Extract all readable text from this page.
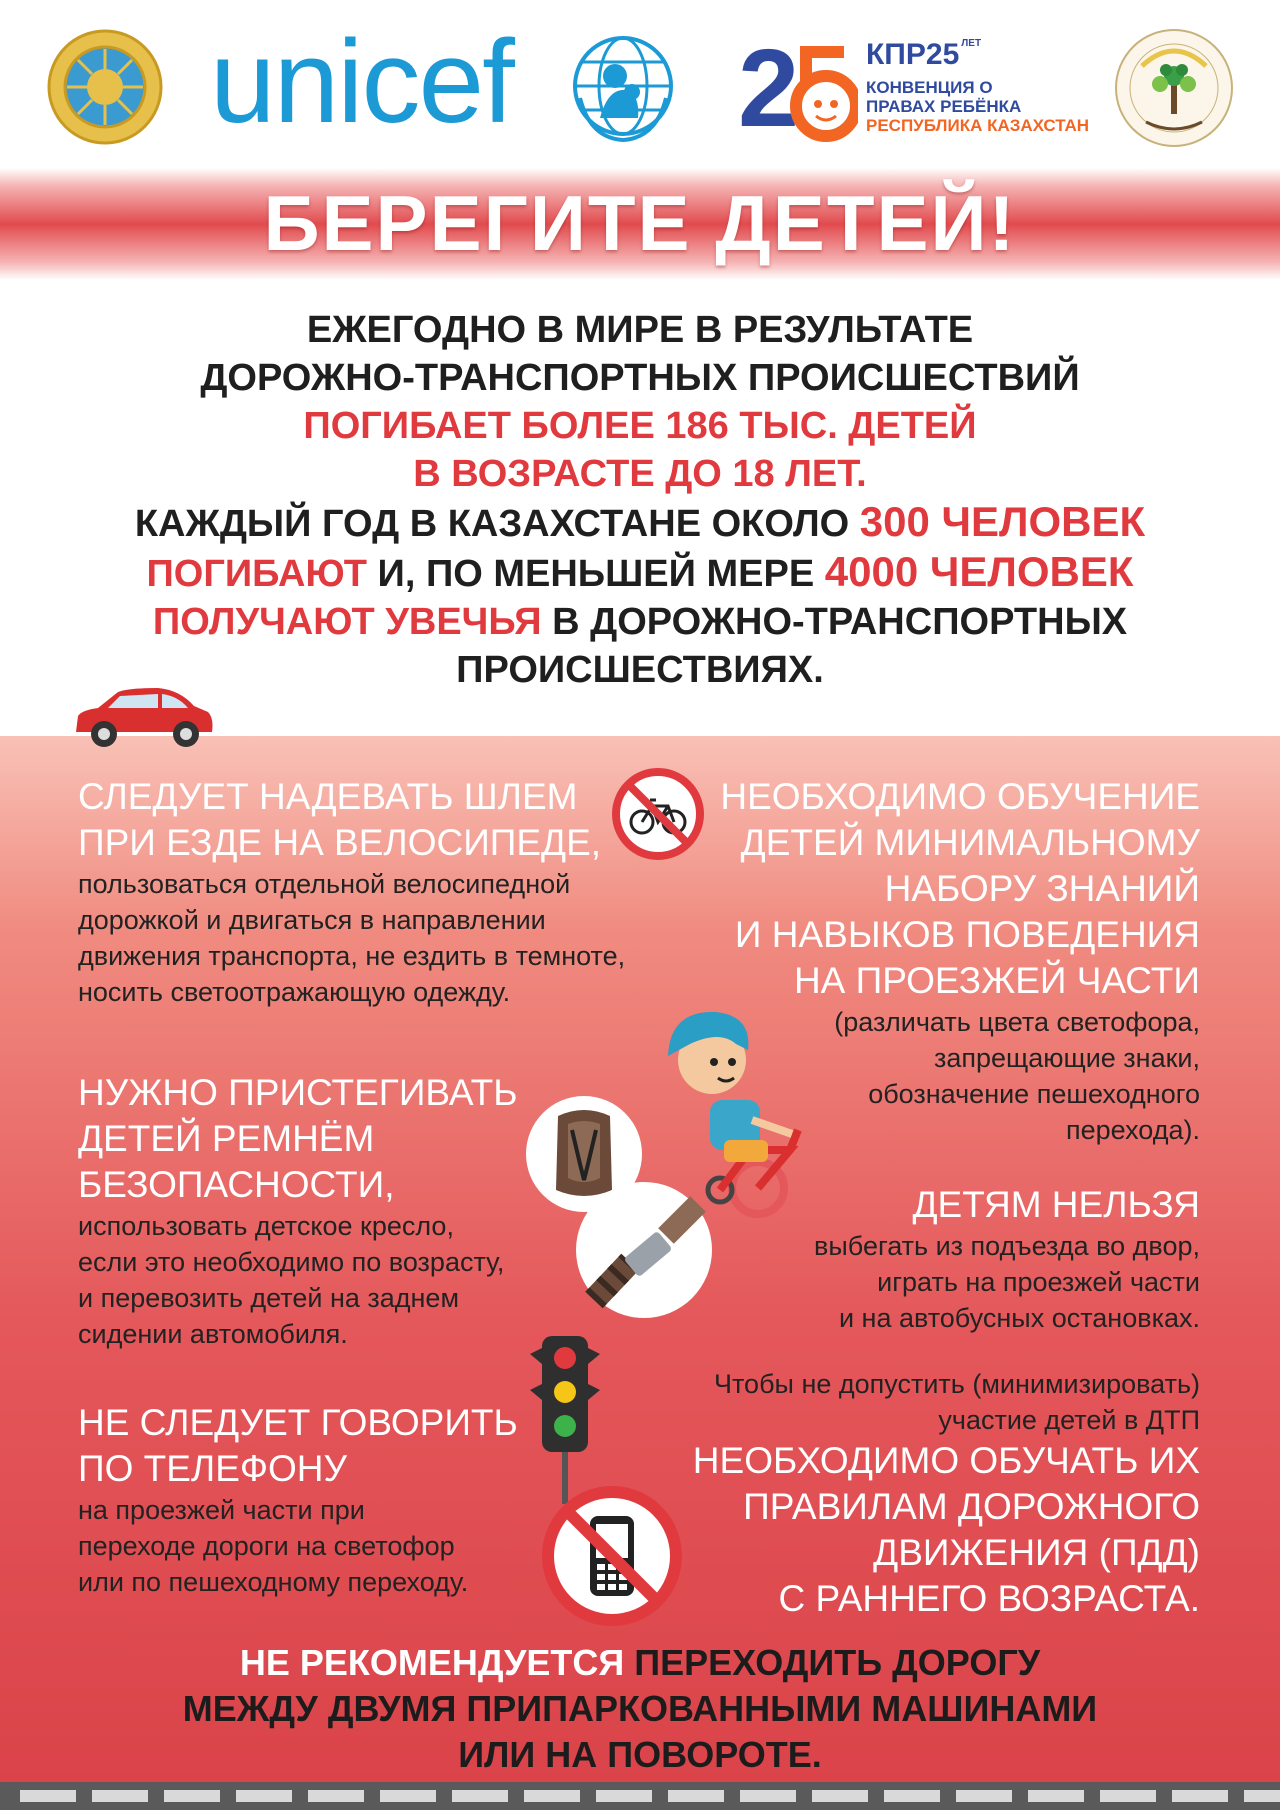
unicef 2 КПР25 $^{ЛЕТ}$
КОНВЕНЦИЯ О
ПРАВАХ РЕБЁНКА
РЕСПУБЛИКА КАЗАХСТАН
БЕРЕГИТЕ ДЕТЕЙ!
ЕЖЕГОДНО В МИРЕ В РЕЗУЛЬТАТЕ
ДОРОЖНО-ТРАНСПОРТНЫХ ПРОИСШЕСТВИЙ
ПОГИБАЕТ БОЛЕЕ 186 ТЫС. ДЕТЕЙ
В ВОЗРАСТЕ ДО 18 ЛЕТ.
КАЖДЫЙ ГОД В КАЗАХСТАНЕ ОКОЛО 300 ЧЕЛОВЕК
ПОГИБАЮТ И, ПО МЕНЬШЕЙ МЕРЕ 4000 ЧЕЛОВЕК
ПОЛУЧАЮТ УВЕЧЬЯ В ДОРОЖНО-ТРАНСПОРТНЫХ
ПРОИСШЕСТВИЯХ.
СЛЕДУЕТ НАДЕВАТЬ ШЛЕМ
ПРИ ЕЗДЕ НА ВЕЛОСИПЕДЕ,
пользоваться отдельной велосипедной
дорожкой и двигаться в направлении
движения транспорта, не ездить в темноте,
носить светоотражающую одежду.
НЕОБХОДИМО ОБУЧЕНИЕ
ДЕТЕЙ МИНИМАЛЬНОМУ
НАБОРУ ЗНАНИЙ
И НАВЫКОВ ПОВЕДЕНИЯ
НА ПРОЕЗЖЕЙ ЧАСТИ
(различать цвета светофора,
запрещающие знаки,
обозначение пешеходного
перехода).
НУЖНО ПРИСТЕГИВАТЬ
ДЕТЕЙ РЕМНЁМ
БЕЗОПАСНОСТИ,
использовать детское кресло,
если это необходимо по возрасту,
и перевозить детей на заднем
сидении автомобиля.
ДЕТЯМ НЕЛЬЗЯ
выбегать из подъезда во двор,
играть на проезжей части
и на автобусных остановках.
НЕ СЛЕДУЕТ ГОВОРИТЬ
ПО ТЕЛЕФОНУ
на проезжей части при
переходе дороги на светофор
или по пешеходному переходу.
Чтобы не допустить (минимизировать)
участие детей в ДТП
НЕОБХОДИМО ОБУЧАТЬ ИХ
ПРАВИЛАМ ДОРОЖНОГО
ДВИЖЕНИЯ (ПДД)
С РАННЕГО ВОЗРАСТА.
НЕ РЕКОМЕНДУЕТСЯ ПЕРЕХОДИТЬ ДОРОГУ
МЕЖДУ ДВУМЯ ПРИПАРКОВАННЫМИ МАШИНАМИ
ИЛИ НА ПОВОРОТЕ.
